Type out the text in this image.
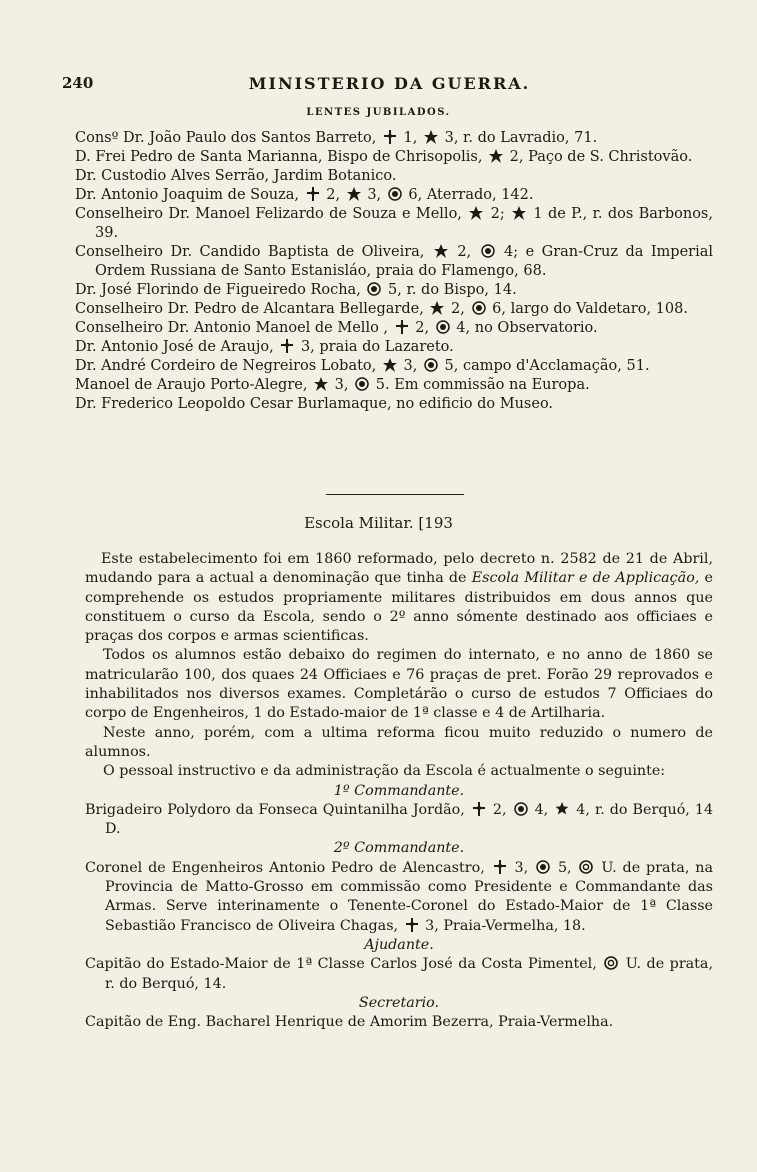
240	MINISTERIO DA GUERRA.
LENTES JUBILADOS.

Consº Dr. João Paulo dos Santos Barreto,  1,  3, r. do Lavradio, 71.

D. Frei Pedro de Santa Marianna, Bispo de Chrisopolis,  2, Paço de S. Christovão.

Dr. Custodio Alves Serrão, Jardim Botanico.

Dr. Antonio Joaquim de Souza,  2,  3,  6, Aterrado, 142.

Conselheiro Dr. Manoel Felizardo de Souza e Mello,  2;  1 de P., r. dos Barbonos, 39.

Conselheiro Dr. Candido Baptista de Oliveira,  2,  4; e Gran-Cruz da Imperial Ordem Russiana de Santo Estanisláo, praia do Flamengo, 68.

Dr. José Florindo de Figueiredo Rocha,  5, r. do Bispo, 14.

Conselheiro Dr. Pedro de Alcantara Bellegarde,  2,  6, largo do Valdetaro, 108.

Conselheiro Dr. Antonio Manoel de Mello ,  2,  4, no Observatorio.

Dr. Antonio José de Araujo,  3, praia do Lazareto.

Dr. André Cordeiro de Negreiros Lobato,  3,  5, campo d'Acclamação, 51.

Manoel de Araujo Porto-Alegre,  3,  5. Em commissão na Europa.

Dr. Frederico Leopoldo Cesar Burlamaque, no edificio do Museo.

Escola Militar. [193

Este estabelecimento foi em 1860 reformado, pelo decreto n. 2582 de 21 de Abril, mudando para a actual a denominação que tinha de Escola Militar e de Applicação, e comprehende os estudos propriamente militares distribuidos em dous annos que constituem o curso da Escola, sendo o 2º anno sómente destinado aos officiaes e praças dos corpos e armas scientificas.

Todos os alumnos estão debaixo do regimen do internato, e no anno de 1860 se matricularão 100, dos quaes 24 Officiaes e 76 praças de pret. Forão 29 reprovados e inhabilitados nos diversos exames. Completárão o curso de estudos 7 Officiaes do corpo de Engenheiros, 1 do Estado-maior de 1ª classe e 4 de Artilharia.

Neste anno, porém, com a ultima reforma ficou muito reduzido o numero de alumnos.

O pessoal instructivo e da administração da Escola é actualmente o seguinte:

1º Commandante.

Brigadeiro Polydoro da Fonseca Quintanilha Jordão,  2,  4,  4, r. do Berquó, 14 D.

2º Commandante.

Coronel de Engenheiros Antonio Pedro de Alencastro,  3,  5,  U. de prata, na Provincia de Matto-Grosso em commissão como Presidente e Commandante das Armas. Serve interinamente o Tenente-Coronel do Estado-Maior de 1ª Classe Sebastião Francisco de Oliveira Chagas,  3, Praia-Vermelha, 18.

Ajudante.

Capitão do Estado-Maior de 1ª Classe Carlos José da Costa Pimentel,  U. de prata, r. do Berquó, 14.

Secretario.

Capitão de Eng. Bacharel Henrique de Amorim Bezerra, Praia-Vermelha.
